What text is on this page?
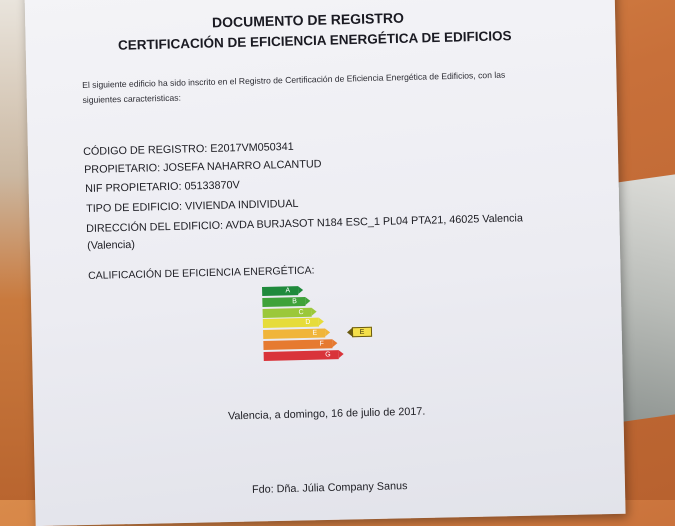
DOCUMENTO DE REGISTRO
CERTIFICACIÓN DE EFICIENCIA ENERGÉTICA DE EDIFICIOS
El siguiente edificio ha sido inscrito en el Registro de Certificación de Eficiencia Energética de Edificios, con las
siguientes caracteristicas:
CÓDIGO DE REGISTRO: E2017VM050341
PROPIETARIO: JOSEFA NAHARRO ALCANTUD
NIF PROPIETARIO: 05133870V
TIPO DE EDIFICIO: VIVIENDA INDIVIDUAL
DIRECCIÓN DEL EDIFICIO: AVDA BURJASOT N184 ESC_1 PL04 PTA21, 46025 Valencia
(Valencia)
CALIFICACIÓN DE EFICIENCIA ENERGÉTICA:
A
B
C
D
E
F
G
E
Valencia, a domingo, 16 de julio de 2017.
Fdo: Dña. Júlia Company Sanus
